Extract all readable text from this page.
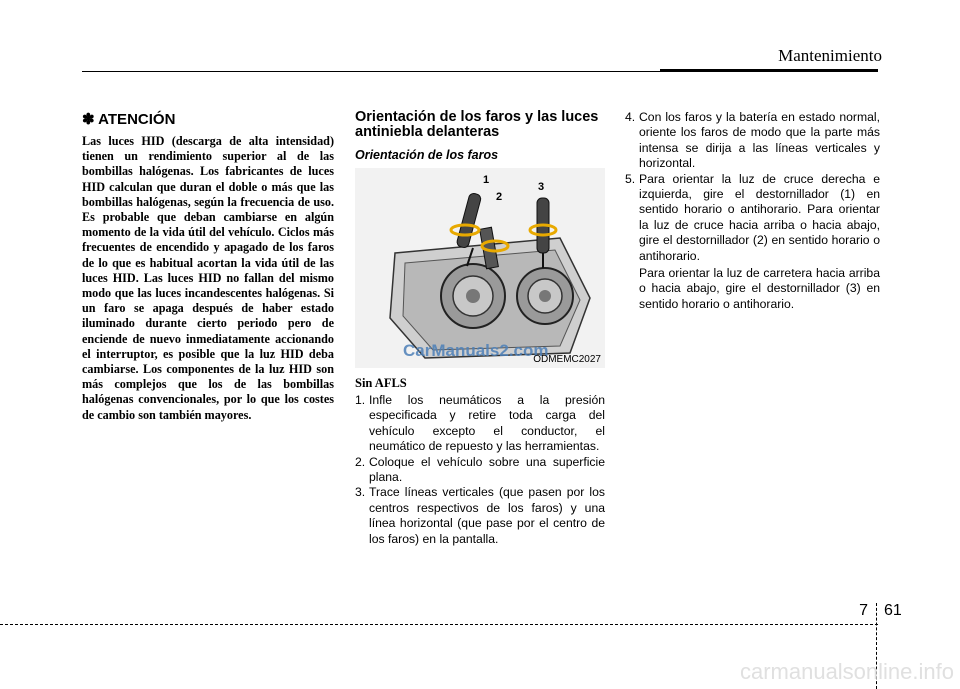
Mantenimiento
✽ ATENCIÓN

Las luces HID (descarga de alta intensidad) tienen un rendimiento superior al de las bombillas halógenas. Los fabricantes de luces HID calculan que duran el doble o más que las bombillas halógenas, según la frecuencia de uso. Es probable que deban cambiarse en algún momento de la vida útil del vehículo. Ciclos más frecuentes de encendido y apagado de los faros de lo que es habitual acortan la vida útil de las luces HID. Las luces HID no fallan del mismo modo que las luces incandescentes halógenas. Si un faro se apaga después de haber estado iluminado durante cierto periodo pero de enciende de nuevo inmediatamente accionando el interruptor, es posible que la luz HID deba cambiarse. Los componentes de la luz HID son más complejos que los de las bombillas halógenas convencionales, por lo que los costes de cambio son también mayores.

Orientación de los faros y las luces antiniebla delanteras
Orientación de los faros
1
2
3
CarManuals2.com
ODMEMC2027
Sin AFLS
1. Infle los neumáticos a la presión especificada y retire toda carga del vehículo excepto el conductor, el neumático de repuesto y las herramientas.
2. Coloque el vehículo sobre una superficie plana.
3. Trace líneas verticales (que pasen por los centros respectivos de los faros) y una línea horizontal (que pase por el centro de los faros) en la pantalla.
4. Con los faros y la batería en estado normal, oriente los faros de modo que la parte más intensa se dirija a las líneas verticales y horizontal.
5. Para orientar la luz de cruce derecha e izquierda, gire el destornillador (1) en sentido horario o antihorario. Para orientar la luz de cruce hacia arriba o hacia abajo, gire el destornillador (2) en sentido horario o antihorario.

Para orientar la luz de carretera hacia arriba o hacia abajo, gire el destornillador (3) en sentido horario o antihorario.

7 61
carmanualsonline.info
